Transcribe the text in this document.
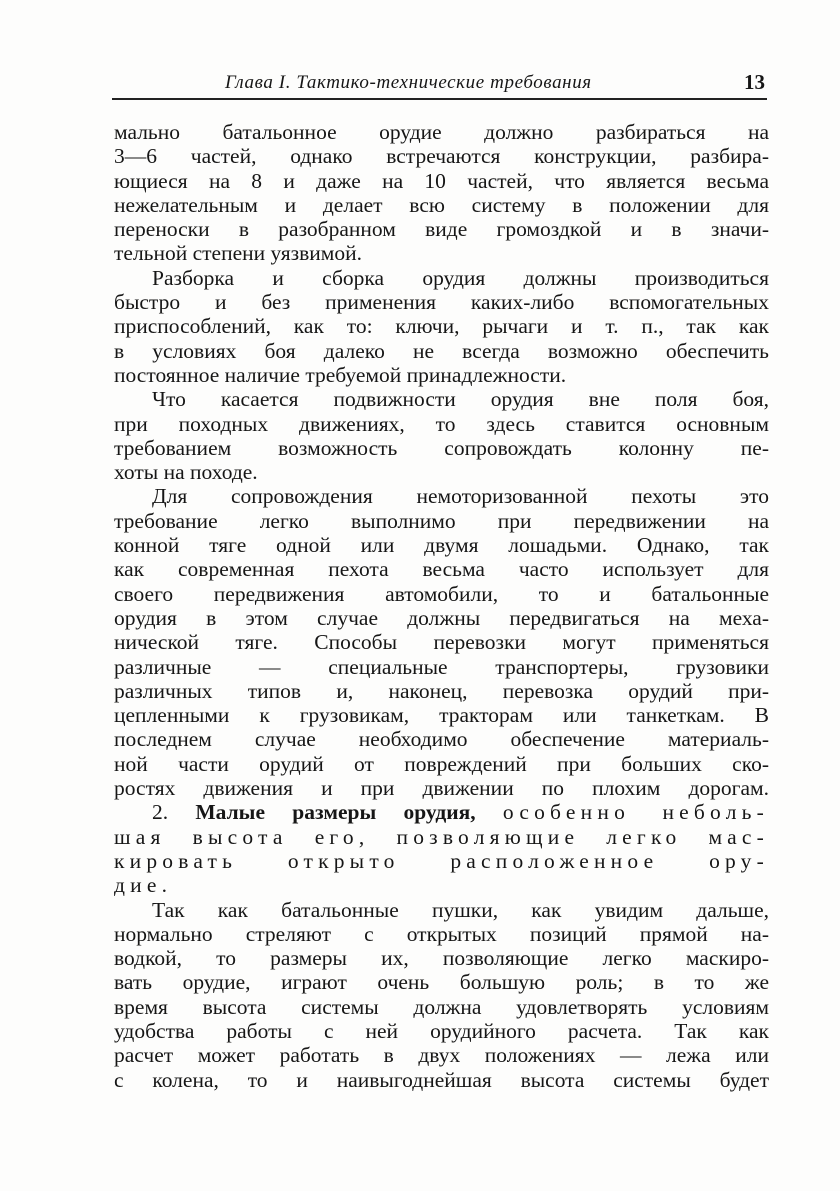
Глава I. Тактико-технические требования	13
мально батальонное орудие должно разбираться на
3—6 частей, однако встречаются конструкции, разбира-
ющиеся на 8 и даже на 10 частей, что является весьма
нежелательным и делает всю систему в положении для
переноски в разобранном виде громоздкой и в значи-
тельной степени уязвимой.
Разборка и сборка орудия должны производиться
быстро и без применения каких-либо вспомогательных
приспособлений, как то: ключи, рычаги и т. п., так как
в условиях боя далеко не всегда возможно обеспечить
постоянное наличие требуемой принадлежности.
Что касается подвижности орудия вне поля боя,
при походных движениях, то здесь ставится основным
требованием возможность сопровождать колонну пе-
хоты на походе.
Для сопровождения немоторизованной пехоты это
требование легко выполнимо при передвижении на
конной тяге одной или двумя лошадьми. Однако, так
как современная пехота весьма часто использует для
своего передвижения автомобили, то и батальонные
орудия в этом случае должны передвигаться на меха-
нической тяге. Способы перевозки могут применяться
различные — специальные транспортеры, грузовики
различных типов и, наконец, перевозка орудий при-
цепленными к грузовикам, тракторам или танкеткам. В
последнем случае необходимо обеспечение материаль-
ной части орудий от повреждений при больших ско-
ростях движения и при движении по плохим дорогам.
2. Малые размеры орудия, особенно неболь-
шая высота его, позволяющие легко мас-
кировать открыто расположенное ору-
дие.
Так как батальонные пушки, как увидим дальше,
нормально стреляют с открытых позиций прямой на-
водкой, то размеры их, позволяющие легко маскиро-
вать орудие, играют очень большую роль; в то же
время высота системы должна удовлетворять условиям
удобства работы с ней орудийного расчета. Так как
расчет может работать в двух положениях — лежа или
с колена, то и наивыгоднейшая высота системы будет
